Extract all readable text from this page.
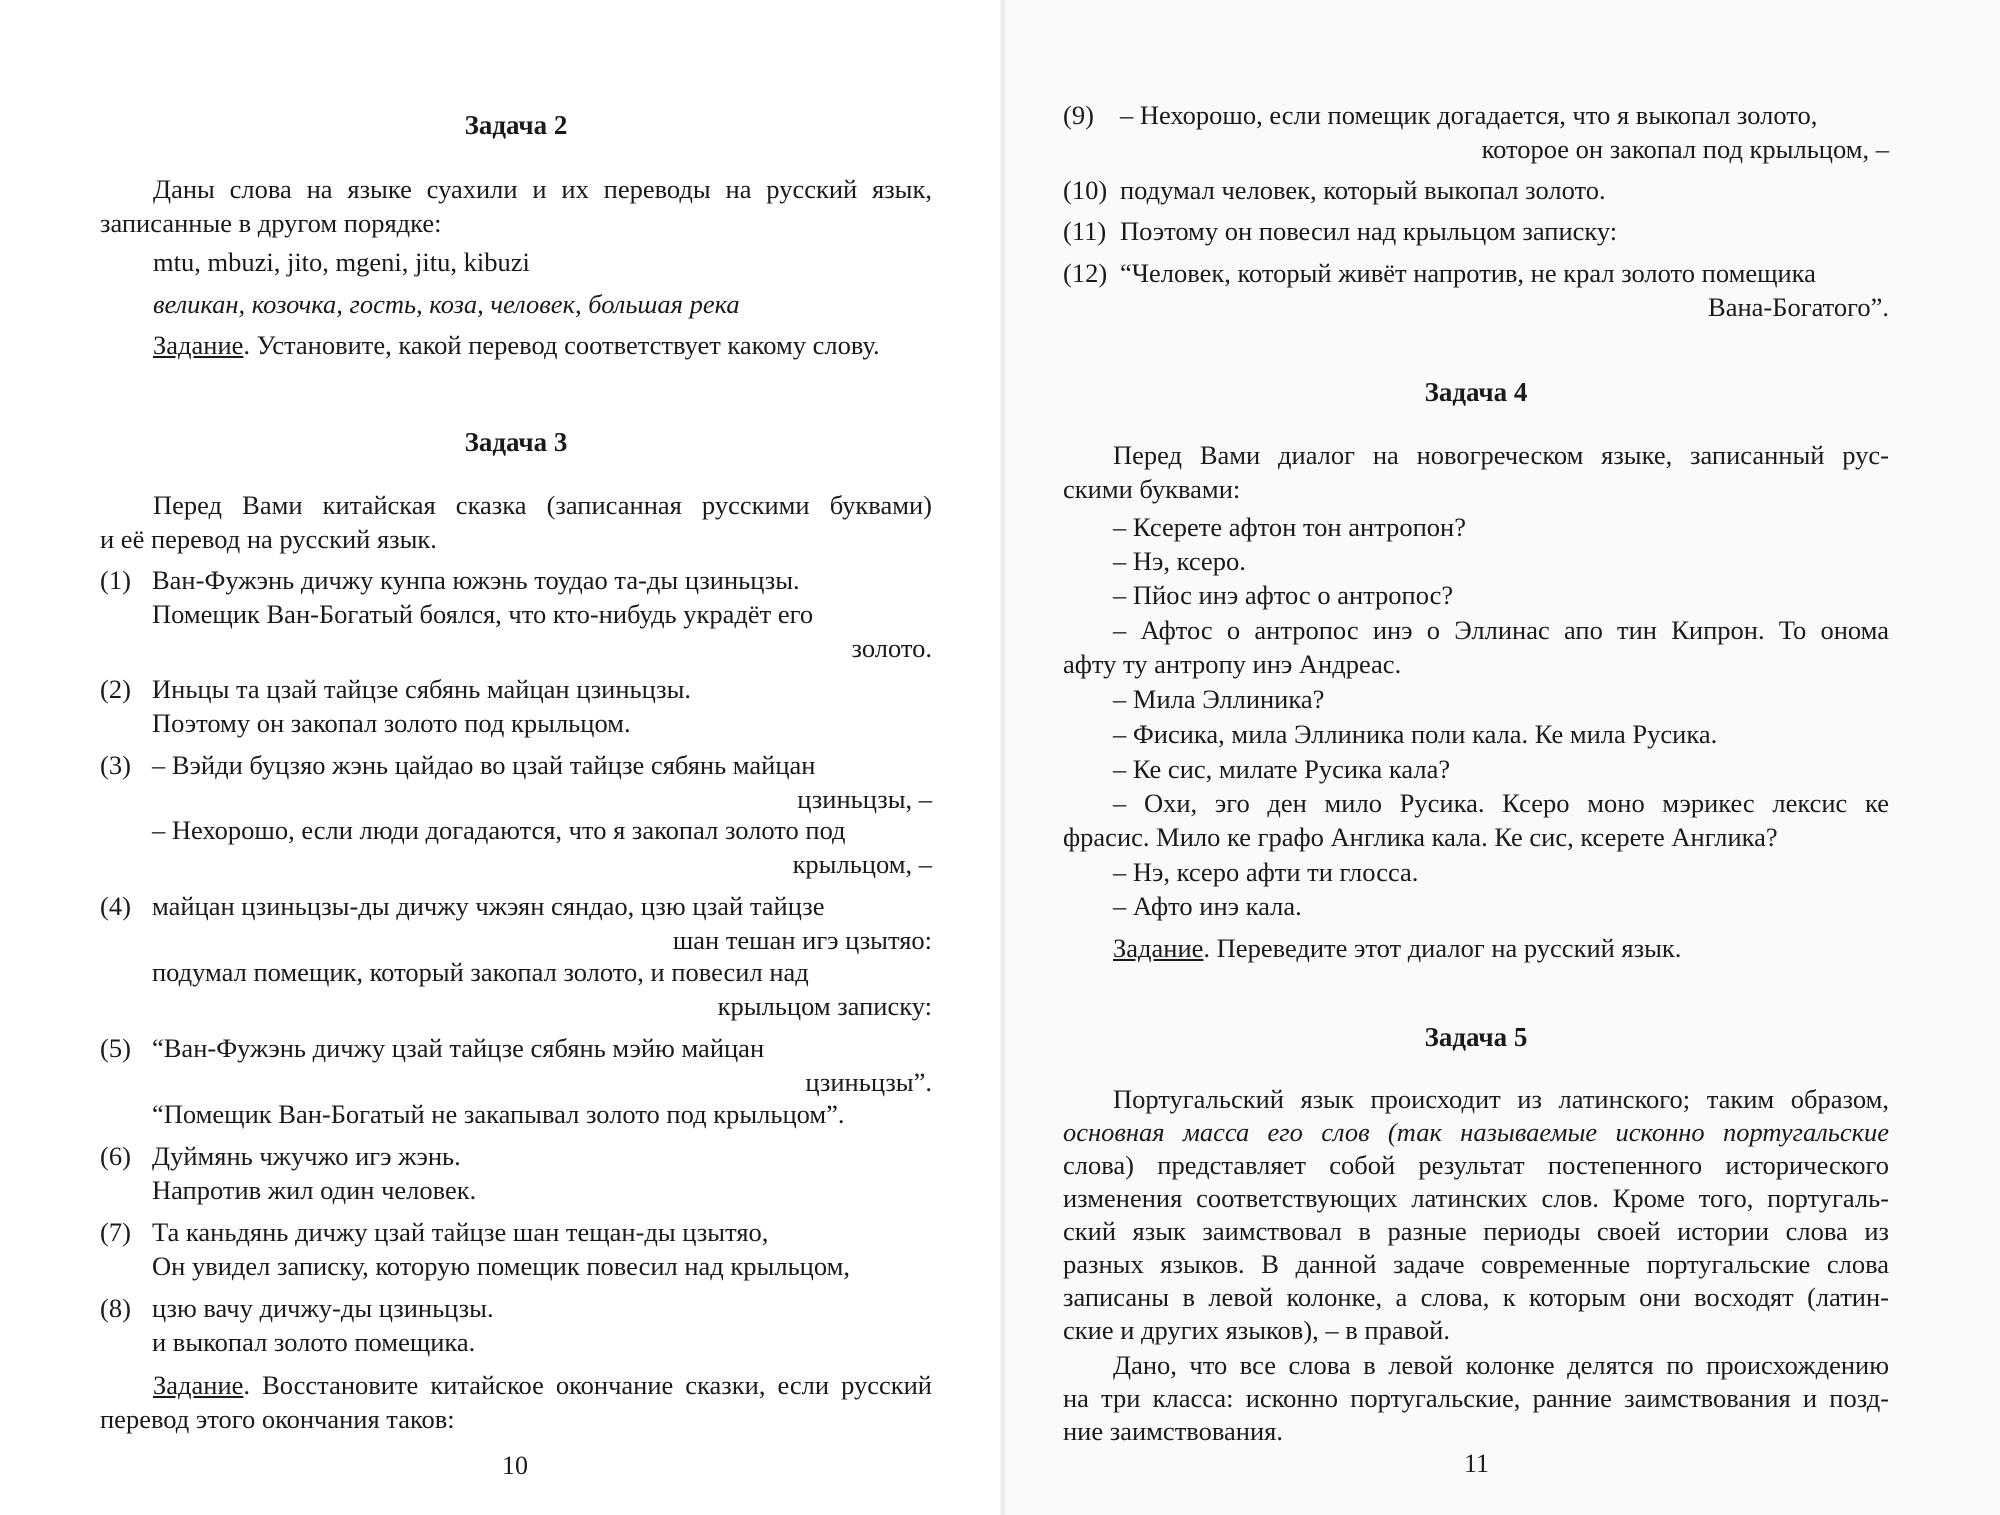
Задача 2
Даны слова на языке суахили и их переводы на русский язык,
записанные в другом порядке:
mtu, mbuzi, jito, mgeni, jitu, kibuzi
великан, козочка, гость, коза, человек, большая река
Задание. Установите, какой перевод соответствует какому слову.
Задача 3
Перед Вами китайская сказка (записанная русскими буквами)
и её перевод на русский язык.
(1) Ван-Фужэнь дичжу кунпа южэнь тоудао та-ды цзиньцзы.
Помещик Ван-Богатый боялся, что кто-нибудь украдёт его
золото.
(2) Иньцы та цзай тайцзе сябянь майцан цзиньцзы.
Поэтому он закопал золото под крыльцом.
(3) – Вэйди буцзяо жэнь цайдао во цзай тайцзе сябянь майцан
цзиньцзы, –
– Нехорошо, если люди догадаются, что я закопал золото под
крыльцом, –
(4) майцан цзиньцзы-ды дичжу чжэян сяндао, цзю цзай тайцзе
шан тешан игэ цзытяо:
подумал помещик, который закопал золото, и повесил над
крыльцом записку:
(5) “Ван-Фужэнь дичжу цзай тайцзе сябянь мэйю майцан
цзиньцзы”.
“Помещик Ван-Богатый не закапывал золото под крыльцом”.
(6) Дуймянь чжучжо игэ жэнь.
Напротив жил один человек.
(7) Та каньдянь дичжу цзай тайцзе шан тещан-ды цзытяо,
Он увидел записку, которую помещик повесил над крыльцом,
(8) цзю вачу дичжу-ды цзиньцзы.
и выкопал золото помещика.
Задание. Восстановите китайское окончание сказки, если русский
перевод этого окончания таков:
10
(9) – Нехорошо, если помещик догадается, что я выкопал золото,
которое он закопал под крыльцом, –
(10) подумал человек, который выкопал золото.
(11) Поэтому он повесил над крыльцом записку:
(12) “Человек, который живёт напротив, не крал золото помещика
Вана-Богатого”.
Задача 4
Перед Вами диалог на новогреческом языке, записанный рус-
скими буквами:
– Ксерете афтон тон антропон?
– Нэ, ксеро.
– Пйос инэ афтос о антропос?
– Афтос о антропос инэ о Эллинас апо тин Кипрон. То онома
афту ту антропу инэ Андреас.
– Мила Эллиника?
– Фисика, мила Эллиника поли кала. Ке мила Русика.
– Ке сис, милате Русика кала?
– Охи, эго ден мило Русика. Ксеро моно мэрикес лексис ке
фрасис. Мило ке графо Англика кала. Ке сис, ксерете Англика?
– Нэ, ксеро афти ти глосса.
– Афто инэ кала.
Задание. Переведите этот диалог на русский язык.
Задача 5
Португальский язык происходит из латинского; таким образом,
основная масса его слов (так называемые исконно португальские
слова) представляет собой результат постепенного исторического
изменения соответствующих латинских слов. Кроме того, португаль-
ский язык заимствовал в разные периоды своей истории слова из
разных языков. В данной задаче современные португальские слова
записаны в левой колонке, а слова, к которым они восходят (латин-
ские и других языков), – в правой.
Дано, что все слова в левой колонке делятся по происхождению
на три класса: исконно португальские, ранние заимствования и позд-
ние заимствования.
11
